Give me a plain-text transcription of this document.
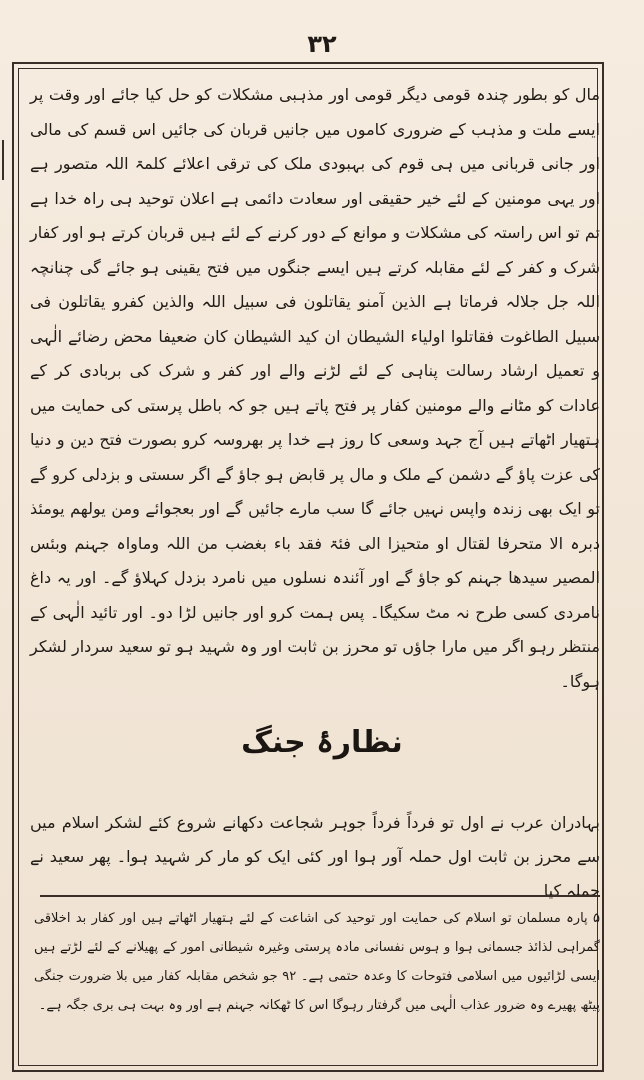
۳۲

مال کو بطور چندہ قومی دیگر قومی اور مذہبی مشکلات کو حل کیا جائے اور وقت پر ایسے ملت و مذہب کے ضروری کاموں میں جانیں قربان کی جائیں اس قسم کی مالی اور جانی قربانی میں ہی قوم کی بہبودی ملک کی ترقی اعلائے کلمۃ اللہ متصور ہے اور یہی مومنین کے لئے خیر حقیقی اور سعادت دائمی ہے اعلان توحید ہی راہ خدا ہے تم تو اس راستہ کی مشکلات و موانع کے دور کرنے کے لئے ہیں قربان کرتے ہو اور کفار شرک و کفر کے لئے مقابلہ کرتے ہیں ایسے جنگوں میں فتح یقینی ہو جائے گی چنانچہ اللہ جل جلالہ فرماتا ہے الذین آمنو یقاتلون فی سبیل اللہ والذین کفرو یقاتلون فی سبیل الطاغوت فقاتلوا اولیاء الشیطان ان کید الشیطان کان ضعیفا محض رضائے الٰہی و تعمیل ارشاد رسالت پناہی کے لئے لڑنے والے اور کفر و شرک کی بربادی کر کے عادات کو مٹانے والے مومنین کفار پر فتح پاتے ہیں جو کہ باطل پرستی کی حمایت میں ہتھیار اٹھاتے ہیں آج جہد وسعی کا روز ہے خدا پر بھروسہ کرو بصورت فتح دین و دنیا کی عزت پاؤ گے دشمن کے ملک و مال پر قابض ہو جاؤ گے اگر سستی و بزدلی کرو گے تو ایک بھی زندہ واپس نہیں جائے گا سب مارے جائیں گے اور بعجوائے ومن یولھم یومئذ دبرہ الا متحرفا لقتال او متحیزا الی فئۃ فقد باء بغضب من اللہ وماواہ جہنم وبئس المصیر سیدھا جہنم کو جاؤ گے اور آئندہ نسلوں میں نامرد بزدل کہلاؤ گے۔ اور یہ داغ نامردی کسی طرح نہ مٹ سکیگا۔ پس ہمت کرو اور جانیں لڑا دو۔ اور تائید الٰہی کے منتظر رہو اگر میں مارا جاؤں تو محرز بن ثابت اور وہ شہید ہو تو سعید سردار لشکر ہوگا۔

نظارۂ جنگ

بہادران عرب نے اول تو فرداً فرداً جوہر شجاعت دکھانے شروع کئے لشکر اسلام میں سے محرز بن ثابت اول حملہ آور ہوا اور کئی ایک کو مار کر شہید ہوا۔ پھر سعید نے حملہ کیا

۵ پارہ مسلمان تو اسلام کی حمایت اور توحید کی اشاعت کے لئے ہتھیار اٹھاتے ہیں اور کفار بد اخلاقی گمراہی لذائذ جسمانی ہوا و ہوس نفسانی مادہ پرستی وغیرہ شیطانی امور کے پھیلانے کے لئے لڑتے ہیں ایسی لڑائیوں میں اسلامی فتوحات کا وعدہ حتمی ہے۔ ۹۲ جو شخص مقابلہ کفار میں بلا ضرورت جنگی پیٹھ پھیرے وہ ضرور عذاب الٰہی میں گرفتار رہوگا اس کا ٹھکانہ جہنم ہے اور وہ بہت ہی بری جگہ ہے۔
